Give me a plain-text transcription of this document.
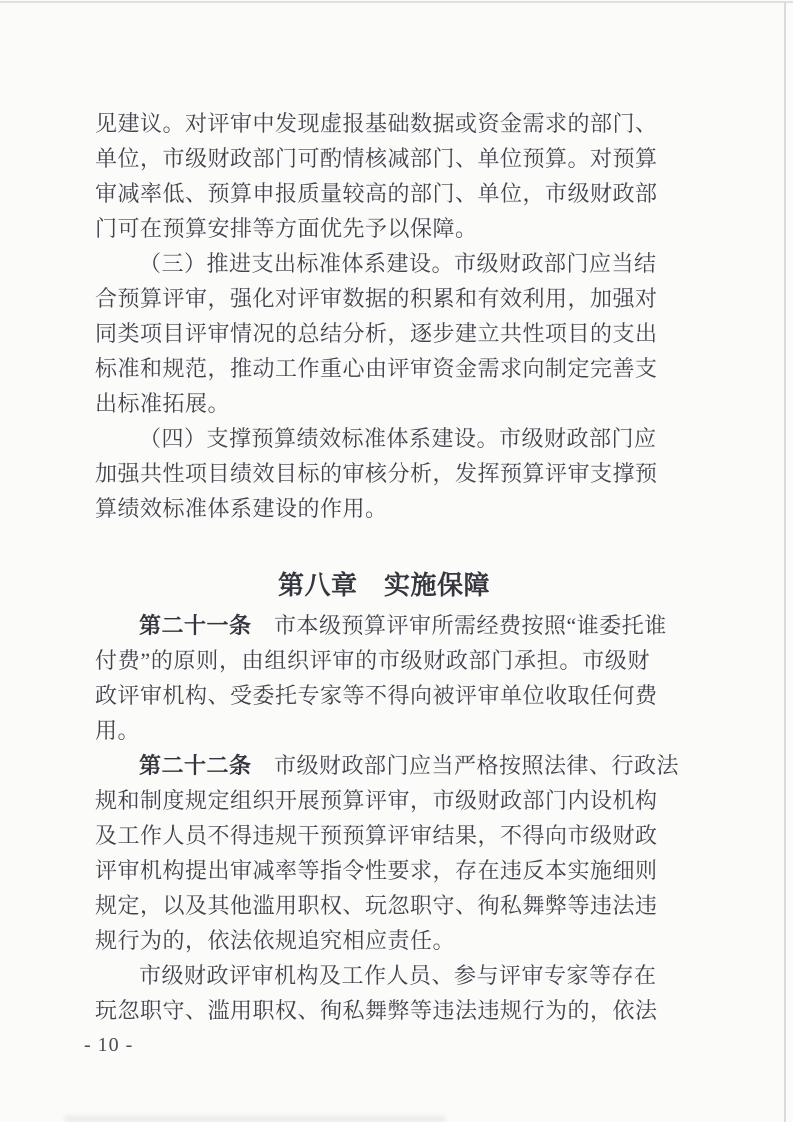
见建议。对评审中发现虚报基础数据或资金需求的部门、
单位，市级财政部门可酌情核减部门、单位预算。对预算
审减率低、预算申报质量较高的部门、单位，市级财政部
门可在预算安排等方面优先予以保障。
（三）推进支出标准体系建设。市级财政部门应当结
合预算评审，强化对评审数据的积累和有效利用，加强对
同类项目评审情况的总结分析，逐步建立共性项目的支出
标准和规范，推动工作重心由评审资金需求向制定完善支
出标准拓展。
（四）支撑预算绩效标准体系建设。市级财政部门应
加强共性项目绩效目标的审核分析，发挥预算评审支撑预
算绩效标准体系建设的作用。
第八章　实施保障
第二十一条　市本级预算评审所需经费按照“谁委托谁
付费”的原则，由组织评审的市级财政部门承担。市级财
政评审机构、受委托专家等不得向被评审单位收取任何费
用。
第二十二条　市级财政部门应当严格按照法律、行政法
规和制度规定组织开展预算评审，市级财政部门内设机构
及工作人员不得违规干预预算评审结果，不得向市级财政
评审机构提出审减率等指令性要求，存在违反本实施细则
规定，以及其他滥用职权、玩忽职守、徇私舞弊等违法违
规行为的，依法依规追究相应责任。
市级财政评审机构及工作人员、参与评审专家等存在
玩忽职守、滥用职权、徇私舞弊等违法违规行为的，依法
- 10 -
